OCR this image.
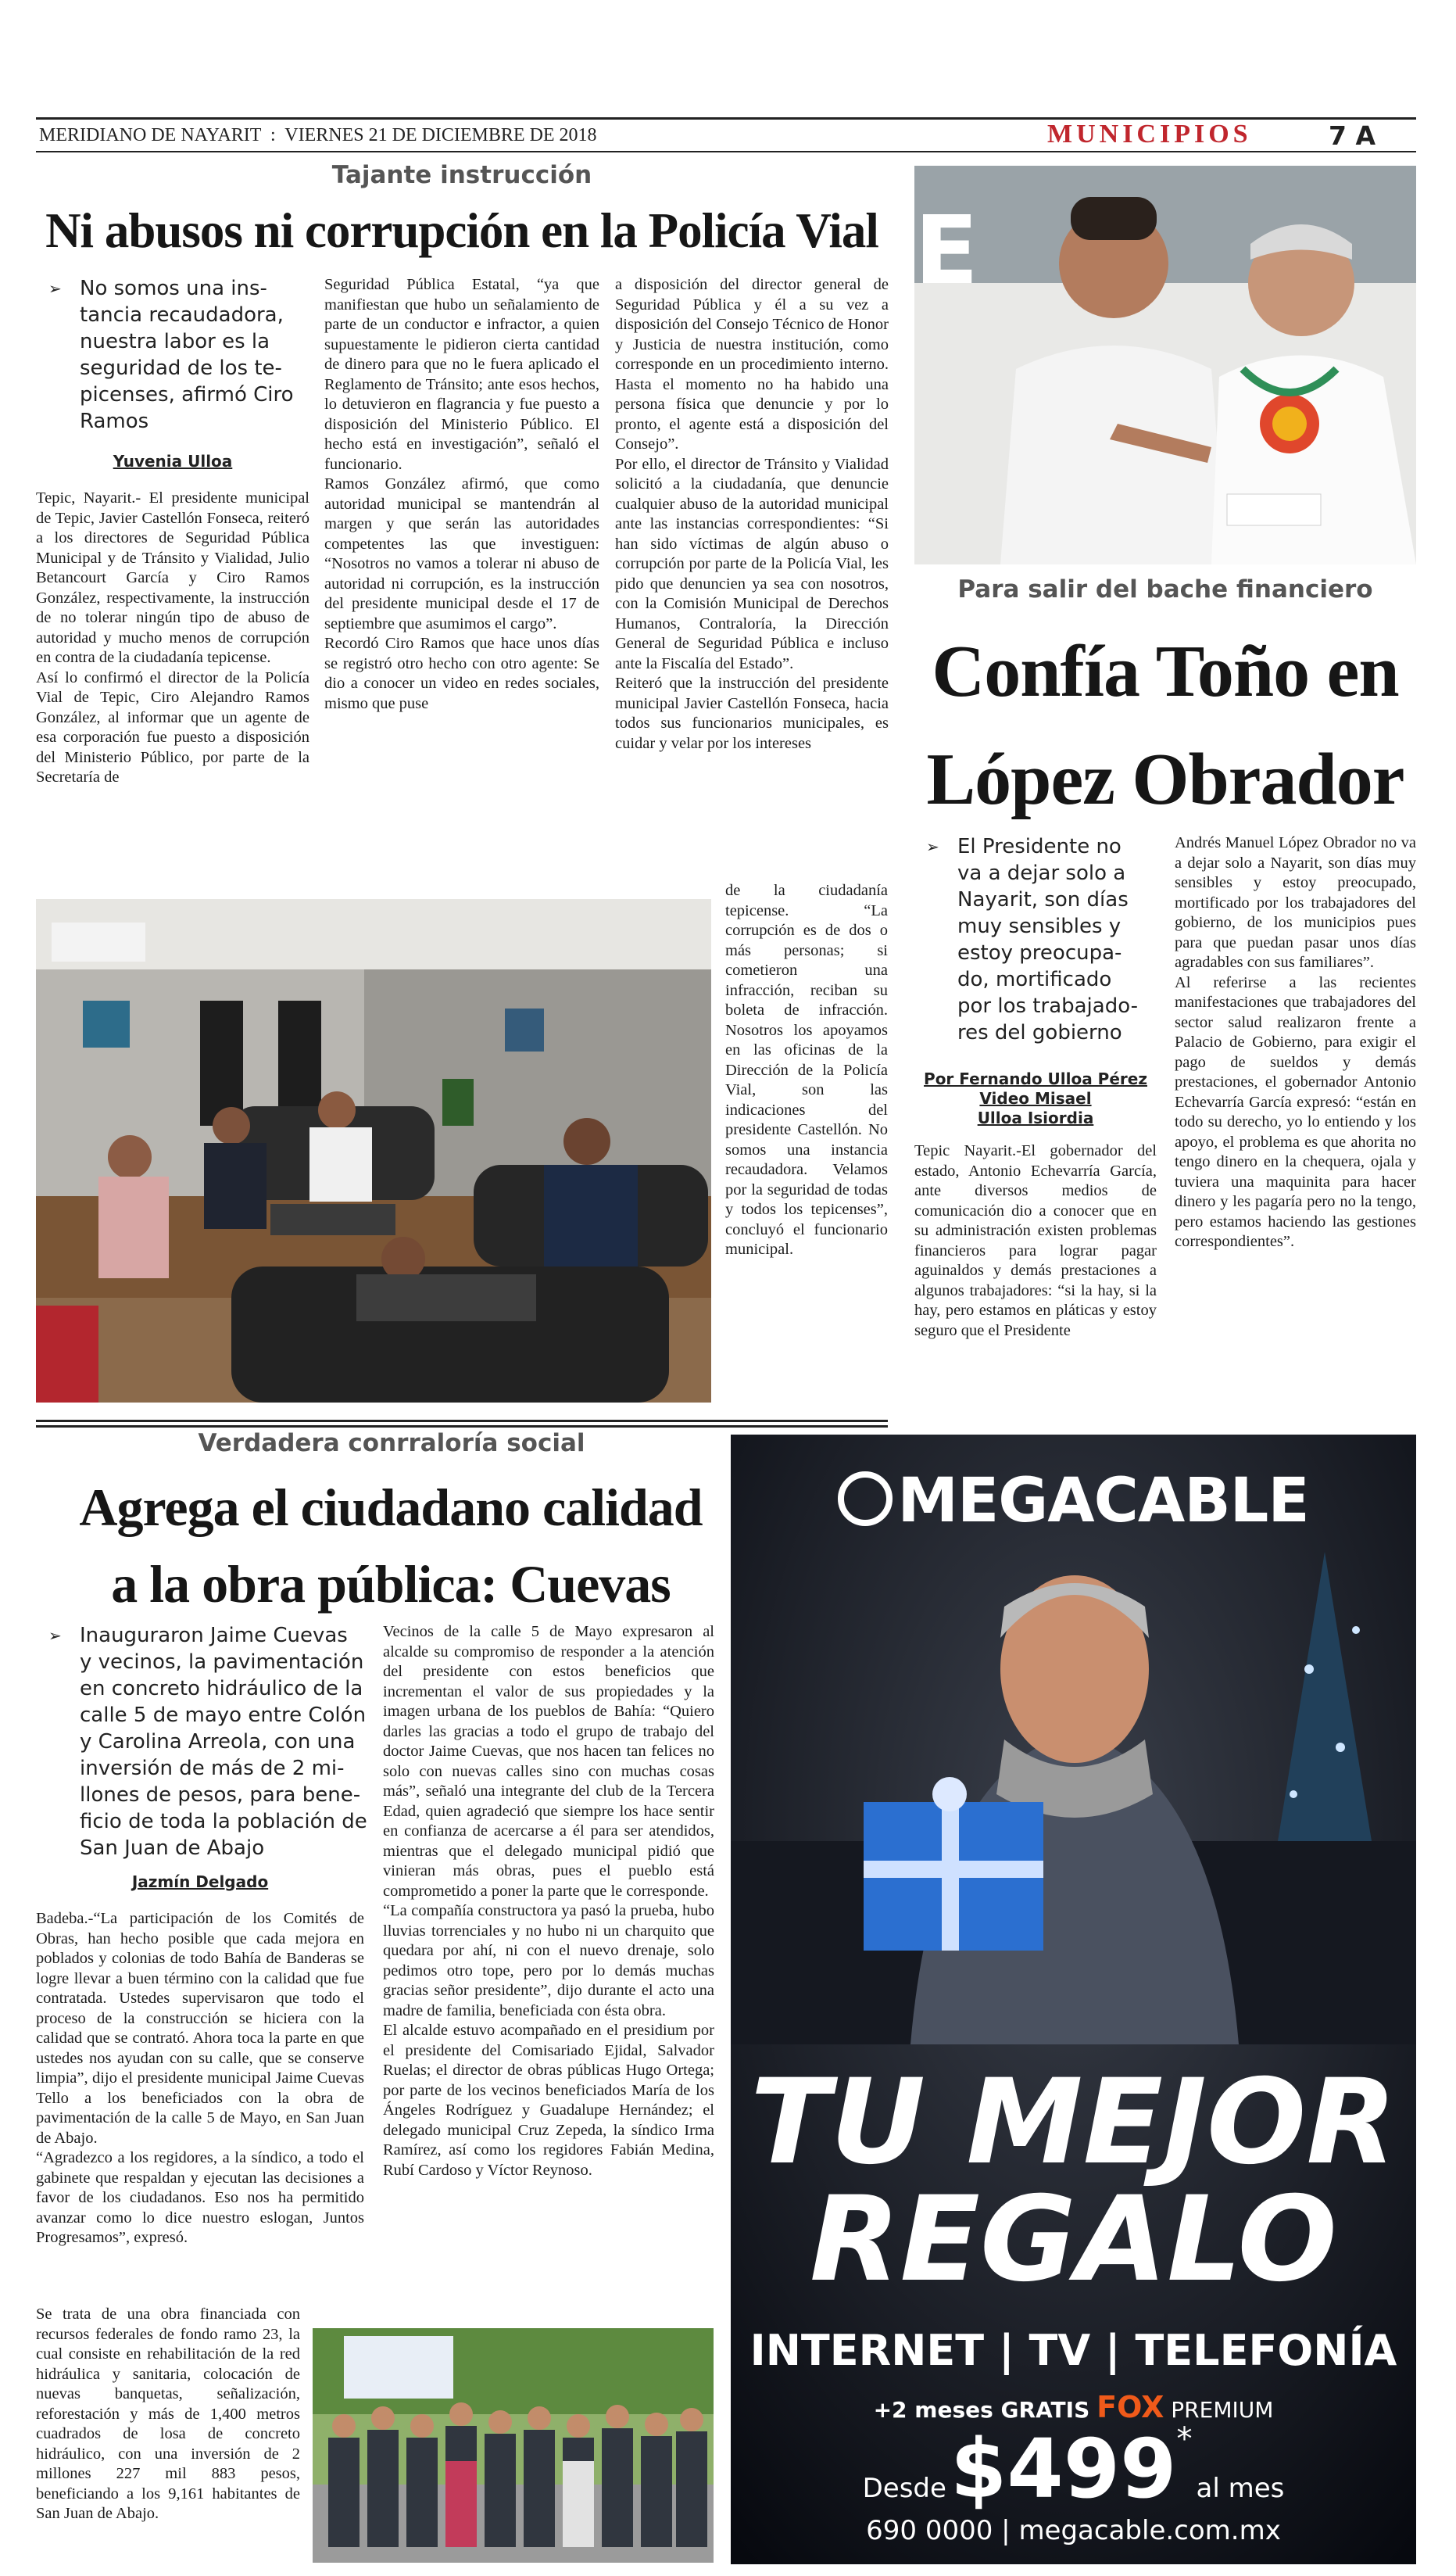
MERIDIANO DE NAYARIT  :  VIERNES 21 DE DICIEMBRE DE 2018	MUNICIPIOS	7 A
Tajante instrucción
Ni abusos ni corrupción en la Policía Vial
➢ No somos una ins-
tancia recaudadora,
nuestra labor es la
seguridad de los te-
picenses, afirmó Ciro
Ramos
Yuvenia Ulloa

Tepic, Nayarit.- El presidente municipal de Tepic, Javier Castellón Fonseca, reiteró a los directores de Seguridad Pública Municipal y de Tránsito y Vialidad, Julio Betancourt García y Ciro Ramos González, respectivamente, la instrucción de no tolerar ningún tipo de abuso de autoridad y mucho menos de corrupción en contra de la ciudadanía tepicense.

Así lo confirmó el director de la Policía Vial de Tepic, Ciro Alejandro Ramos González, al informar que un agente de esa corporación fue puesto a disposición del Ministerio Público, por parte de la Secretaría de

Seguridad Pública Estatal, “ya que manifiestan que hubo un señalamiento de parte de un conductor e infractor, a quien supuestamente le pidieron cierta cantidad de dinero para que no le fuera aplicado el Reglamento de Tránsito; ante esos hechos, lo detuvieron en flagrancia y fue puesto a disposición del Ministerio Público. El hecho está en investigación”, señaló el funcionario.

Ramos González afirmó, que como autoridad municipal se mantendrán al margen y que serán las autoridades competentes las que investiguen: “Nosotros no vamos a tolerar ni abuso de autoridad ni corrupción, es la instrucción del presidente municipal desde el 17 de septiembre que asumimos el cargo”.

Recordó Ciro Ramos que hace unos días se registró otro hecho con otro agente: Se dio a conocer un video en redes sociales, mismo que puse

a disposición del director general de Seguridad Pública y él a su vez a disposición del Consejo Técnico de Honor y Justicia de nuestra institución, como corresponde en un procedimiento interno. Hasta el momento no ha habido una persona física que denuncie y por lo pronto, el agente está a disposición del Consejo”.

Por ello, el director de Tránsito y Vialidad solicitó a la ciudadanía, que denuncie cualquier abuso de la autoridad municipal ante las instancias correspondientes: “Si han sido víctimas de algún abuso o corrupción por parte de la Policía Vial, les pido que denuncien ya sea con nosotros, con la Comisión Municipal de Derechos Humanos, Contraloría, la Dirección General de Seguridad Pública e incluso ante la Fiscalía del Estado”.

Reiteró que la instrucción del presidente municipal Javier Castellón Fonseca, hacia todos sus funcionarios municipales, es cuidar y velar por los intereses

de la ciudadanía tepicense. “La corrupción es de dos o más personas; si cometieron una infracción, reciban su boleta de infracción. Nosotros los apoyamos en las oficinas de la Dirección de la Policía Vial, son las indicaciones del presidente Castellón. No somos una instancia recaudadora. Velamos por la seguridad de todas y todos los tepicenses”, concluyó el funcionario municipal.

E
Para salir del bache financiero
Confía Toño en
López Obrador
➢ El Presidente no
va a dejar solo a
Nayarit, son días
muy sensibles y
estoy preocupa-
do, mortificado
por los trabajado-
res del gobierno
Por Fernando Ulloa Pérez
Video Misael
Ulloa Isiordia

Tepic Nayarit.-El gobernador del estado, Antonio Echevarría García, ante diversos medios de comunicación dio a conocer que en su administración existen problemas financieros para lograr pagar aguinaldos y demás prestaciones a algunos trabajadores: “si la hay, si la hay, pero estamos en pláticas y estoy seguro que el Presidente

Andrés Manuel López Obrador no va a dejar solo a Nayarit, son días muy sensibles y estoy preocupado, mortificado por los trabajadores del gobierno, de los municipios pues para que puedan pasar unos días agradables con sus familiares”.

Al referirse a las recientes manifestaciones que trabajadores del sector salud realizaron frente a Palacio de Gobierno, para exigir el pago de sueldos y demás prestaciones, el gobernador Antonio Echevarría García expresó: “están en todo su derecho, yo lo entiendo y los apoyo, el problema es que ahorita no tengo dinero en la chequera, ojala y tuviera una maquinita para hacer dinero y les pagaría pero no la tengo, pero estamos haciendo las gestiones correspondientes”.

Verdadera conrraloría social
Agrega el ciudadano calidad
a la obra pública: Cuevas
➢ Inauguraron Jaime Cuevas
y vecinos, la pavimentación
en concreto hidráulico de la
calle 5 de mayo entre Colón
y Carolina Arreola, con una
inversión de más de 2 mi-
llones de pesos, para bene-
ficio de toda la población de
San Juan de Abajo
Jazmín Delgado

Badeba.-“La participación de los Comités de Obras, han hecho posible que cada mejora en poblados y colonias de todo Bahía de Banderas se logre llevar a buen término con la calidad que fue contratada. Ustedes supervisaron que todo el proceso de la construcción se hiciera con la calidad que se contrató. Ahora toca la parte en que ustedes nos ayudan con su calle, que se conserve limpia”, dijo el presidente municipal Jaime Cuevas Tello a los beneficiados con la obra de pavimentación de la calle 5 de Mayo, en San Juan de Abajo.

“Agradezco a los regidores, a la síndico, a todo el gabinete que respaldan y ejecutan las decisiones a favor de los ciudadanos. Eso nos ha permitido avanzar como lo dice nuestro eslogan, Juntos Progresamos”, expresó.

Se trata de una obra financiada con recursos federales de fondo ramo 23, la cual consiste en rehabilitación de la red hidráulica y sanitaria, colocación de nuevas banquetas, señalización, reforestación y más de 1,400 metros cuadrados de losa de concreto hidráulico, con una inversión de 2 millones 227 mil 883 pesos, beneficiando a los 9,161 habitantes de San Juan de Abajo.

Vecinos de la calle 5 de Mayo expresaron al alcalde su compromiso de responder a la atención del presidente con estos beneficios que incrementan el valor de sus propiedades y la imagen urbana de los pueblos de Bahía: “Quiero darles las gracias a todo el grupo de trabajo del doctor Jaime Cuevas, que nos hacen tan felices no solo con nuevas calles sino con muchas cosas más”, señaló una integrante del club de la Tercera Edad, quien agradeció que siempre los hace sentir en confianza de acercarse a él para ser atendidos, mientras que el delegado municipal pidió que vinieran más obras, pues el pueblo está comprometido a poner la parte que le corresponde.

“La compañía constructora ya pasó la prueba, hubo lluvias torrenciales y no hubo ni un charquito que quedara por ahí, ni con el nuevo drenaje, solo pedimos otro tope, pero por lo demás muchas gracias señor presidente”, dijo durante el acto una madre de familia, beneficiada con ésta obra.

El alcalde estuvo acompañado en el presidium por el presidente del Comisariado Ejidal, Salvador Ruelas; el director de obras públicas Hugo Ortega; por parte de los vecinos beneficiados María de los Ángeles Rodríguez y Guadalupe Hernández; el delegado municipal Cruz Zepeda, la síndico Irma Ramírez, así como los regidores Fabián Medina, Rubí Cardoso y Víctor Reynoso.

MEGACABLE
TU MEJOR
REGALO
INTERNET | TV | TELEFONÍA
+2 meses GRATIS FOX PREMIUM
Desde $499* al mes
690 0000 | megacable.com.mx
